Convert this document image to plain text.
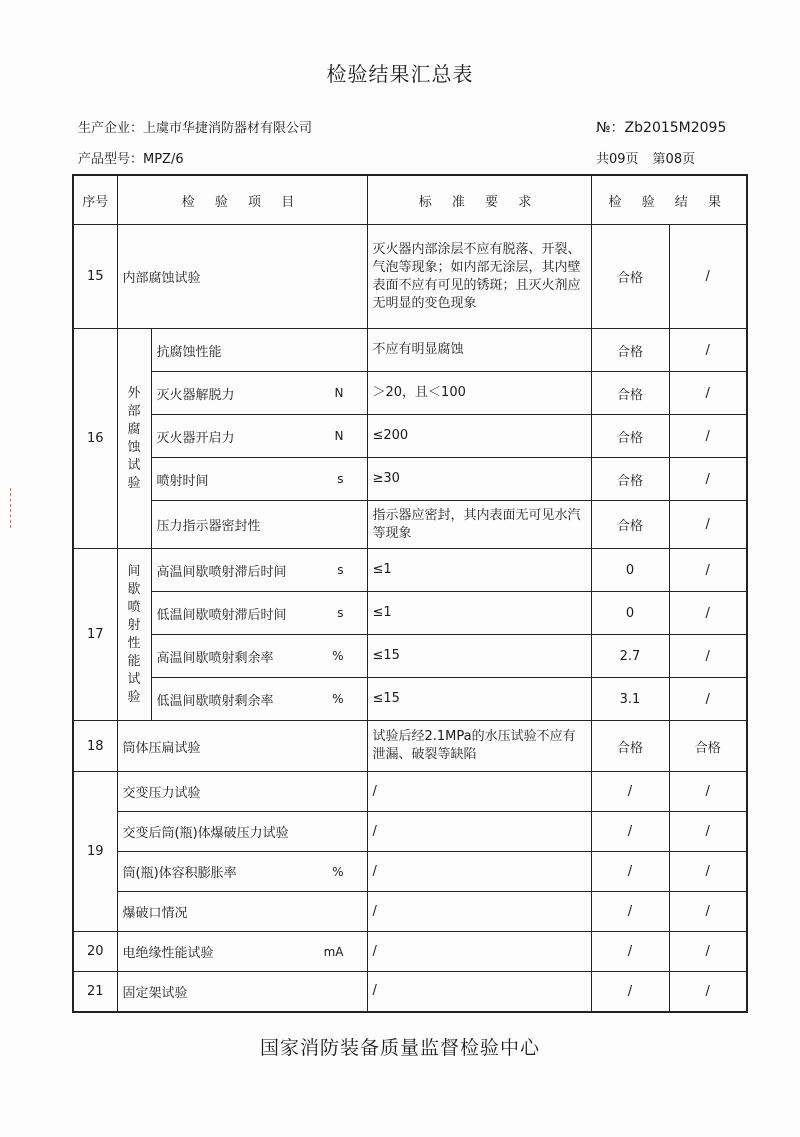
检验结果汇总表
生产企业：上虞市华捷消防器材有限公司	№：Zb2015M2095
产品型号：MPZ/6	共09页 第08页
序号	检 验 项 目		标 准 要 求	检 验 结 果	
15	内部腐蚀试验		灭火器内部涂层不应有脱落、开裂、气泡等现象；如内部无涂层，其内壁表面不应有可见的锈斑；且灭火剂应无明显的变色现象	合格	/
16	外部腐蚀试验	抗腐蚀性能	不应有明显腐蚀	合格	/

		灭火器解脱力 N	＞20，且＜100	合格	/

		灭火器开启力 N	≤200	合格	/

		喷射时间 s	≥30	合格	/

		压力指示器密封性	指示器应密封，其内表面无可见水汽等现象	合格	/
17	间歇喷射性能试验	高温间歇喷射滞后时间 s	≤1	0	/

		低温间歇喷射滞后时间 s	≤1	0	/

		高温间歇喷射剩余率 %	≤15	2.7	/

		低温间歇喷射剩余率 %	≤15	3.1	/
18	筒体压扁试验		试验后经2.1MPa的水压试验不应有泄漏、破裂等缺陷	合格	合格
19	交变压力试验		/	/	/

	交变后筒(瓶)体爆破压力试验		/	/	/

	筒(瓶)体容积膨胀率 %		/	/	/

	爆破口情况		/	/	/
20	电绝缘性能试验 mA		/	/	/
21	固定架试验		/	/	/
国家消防装备质量监督检验中心
